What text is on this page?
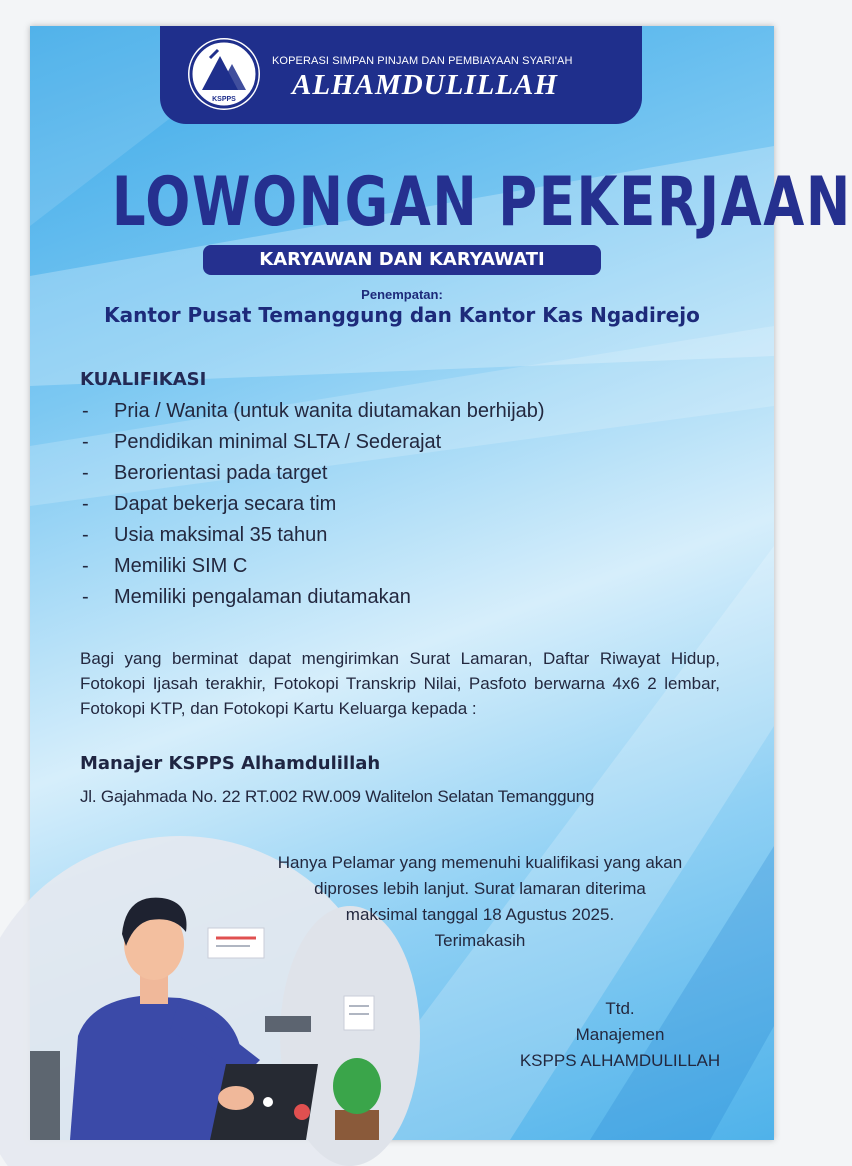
KSPPS
KOPERASI SIMPAN PINJAM DAN PEMBIAYAAN SYARI'AH
ALHAMDULILLAH
LOWONGAN PEKERJAAN
KARYAWAN DAN KARYAWATI
Penempatan:
Kantor Pusat Temanggung dan Kantor Kas Ngadirejo
KUALIFIKASI
- Pria / Wanita (untuk wanita diutamakan berhijab)
- Pendidikan minimal SLTA / Sederajat
- Berorientasi pada target
- Dapat bekerja secara tim
- Usia maksimal 35 tahun
- Memiliki SIM C
- Memiliki pengalaman diutamakan
Bagi yang berminat dapat mengirimkan Surat Lamaran, Daftar Riwayat Hidup, Fotokopi Ijasah terakhir, Fotokopi Transkrip Nilai, Pasfoto berwarna 4x6 2 lembar, Fotokopi KTP, dan Fotokopi Kartu Keluarga kepada :
Manajer KSPPS Alhamdulillah
Jl. Gajahmada No. 22 RT.002 RW.009 Walitelon Selatan Temanggung
Hanya Pelamar yang memenuhi kualifikasi yang akan
diproses lebih lanjut. Surat lamaran diterima
maksimal tanggal 18 Agustus 2025.
Terimakasih
Ttd.
Manajemen
KSPPS ALHAMDULILLAH
